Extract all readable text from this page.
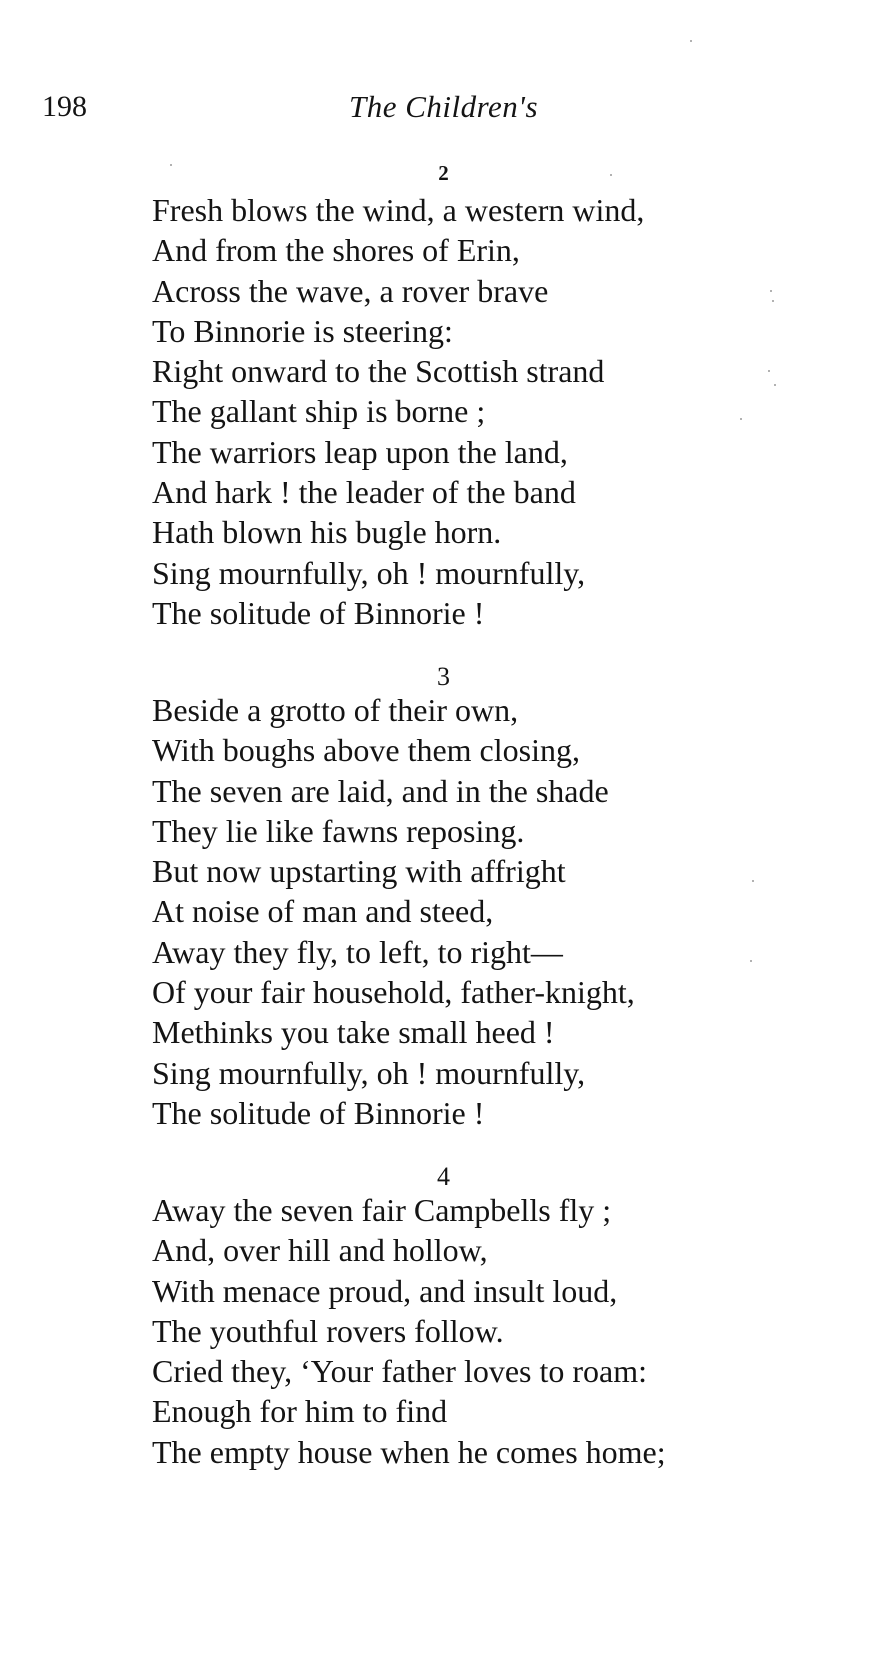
198	The Children's
2
Fresh blows the wind, a western wind,
And from the shores of Erin,
Across the wave, a rover brave
To Binnorie is steering:
Right onward to the Scottish strand
The gallant ship is borne ;
The warriors leap upon the land,
And hark ! the leader of the band
Hath blown his bugle horn.
Sing mournfully, oh ! mournfully,
The solitude of Binnorie !
3
Beside a grotto of their own,
With boughs above them closing,
The seven are laid, and in the shade
They lie like fawns reposing.
But now upstarting with affright
At noise of man and steed,
Away they fly, to left, to right—
Of your fair household, father-knight,
Methinks you take small heed !
Sing mournfully, oh ! mournfully,
The solitude of Binnorie !
4
Away the seven fair Campbells fly ;
And, over hill and hollow,
With menace proud, and insult loud,
The youthful rovers follow.
Cried they, ‘Your father loves to roam:
Enough for him to find
The empty house when he comes home;
